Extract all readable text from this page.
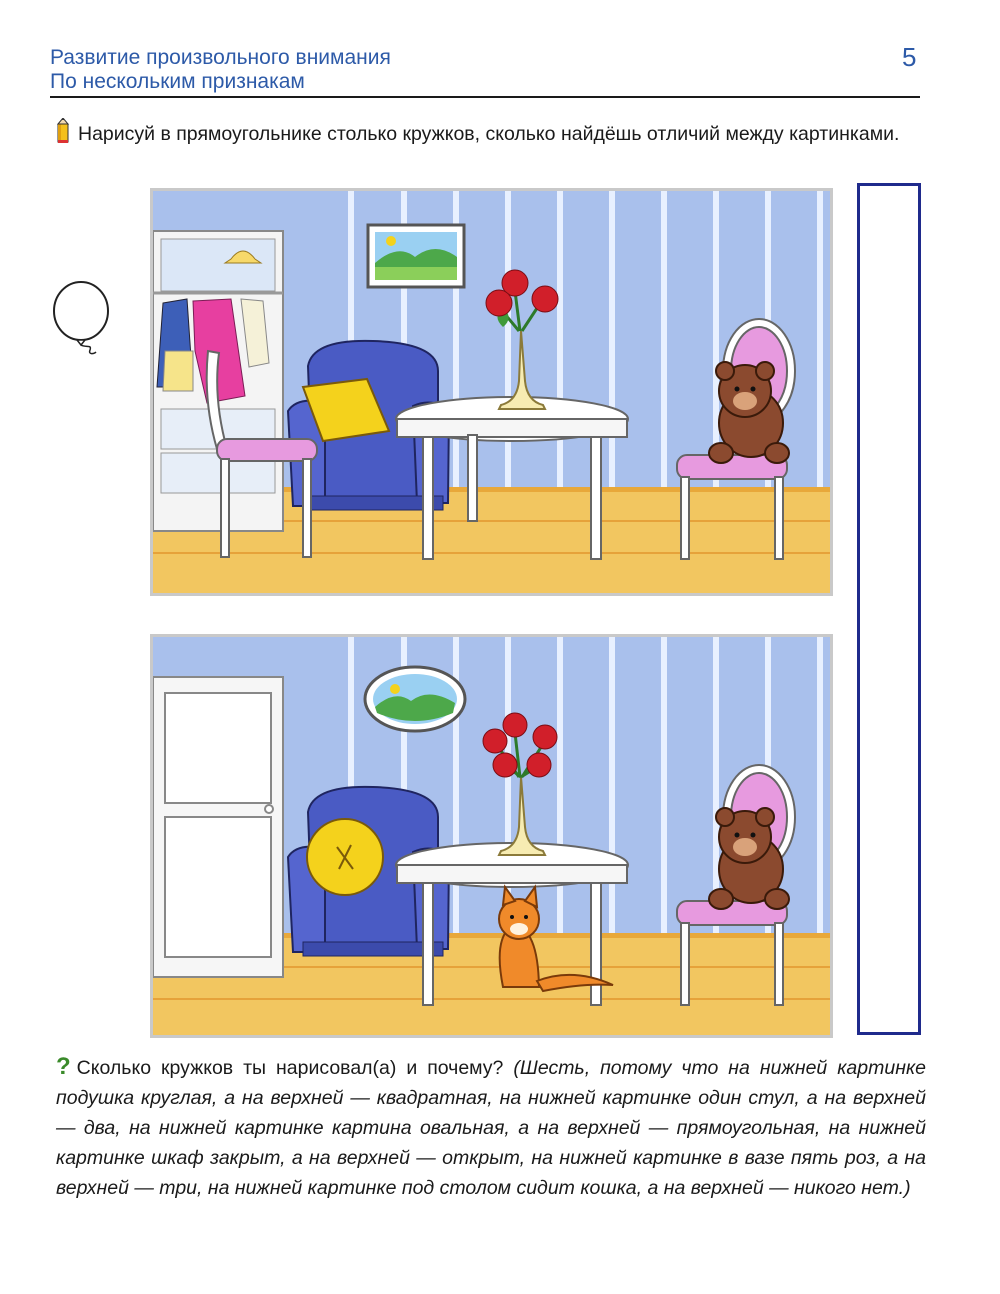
Развитие произвольного внимания
По нескольким признакам
5
Нарисуй в прямоугольнике столько кружков, сколько найдёшь отличий между картинками.
? Сколько кружков ты нарисовал(а) и почему? (Шесть, потому что на нижней картинке подушка круглая, а на верхней — квадратная, на нижней картинке один стул, а на верхней — два, на нижней картинке картина овальная, а на верхней — прямоугольная, на нижней картинке шкаф закрыт, а на верхней — открыт, на нижней картинке в вазе пять роз, а на верхней — три, на нижней картинке под столом сидит кошка, а на верхней — никого нет.)
